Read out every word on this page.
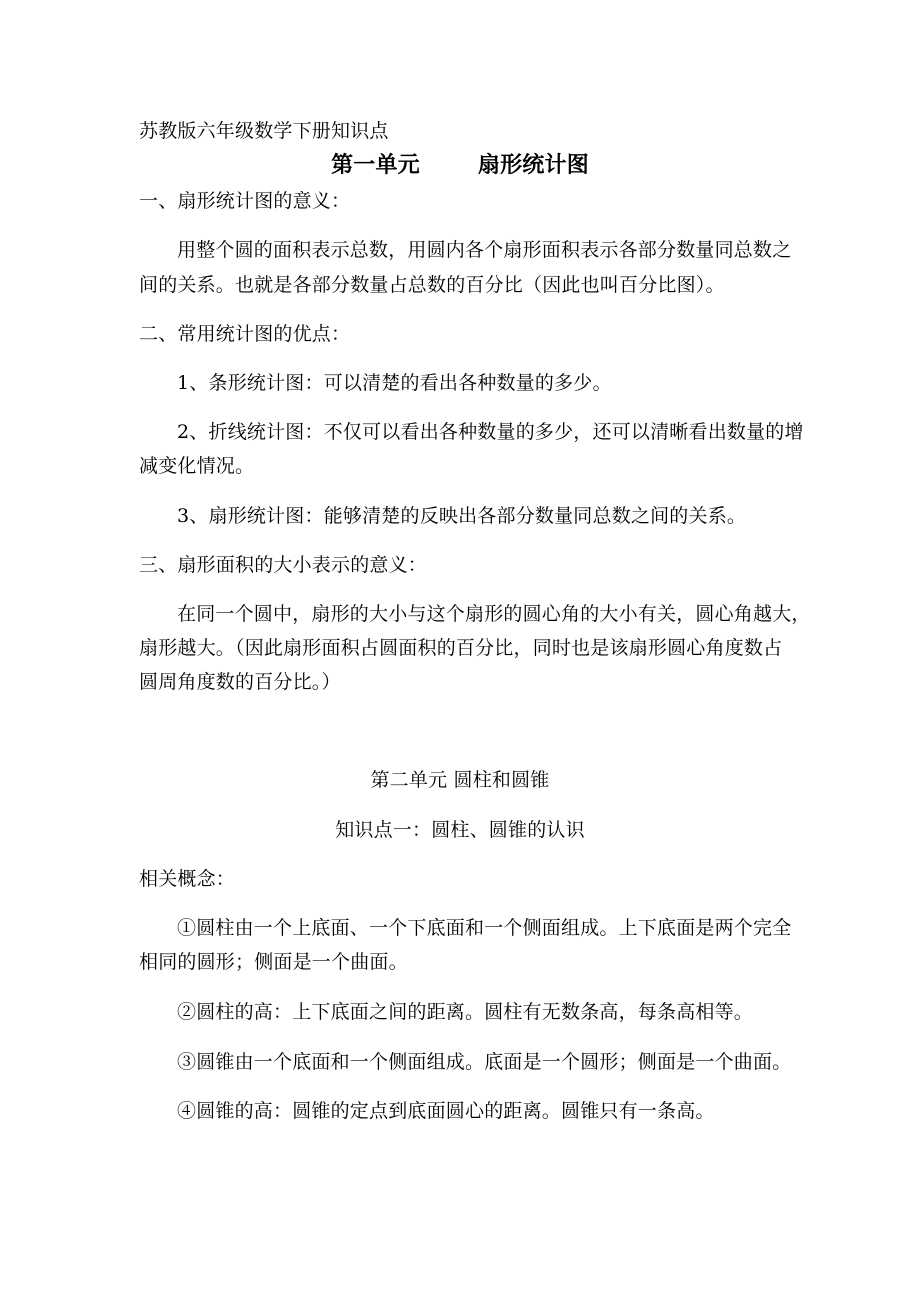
苏教版六年级数学下册知识点
第一单元	扇形统计图
一、扇形统计图的意义：
用整个圆的面积表示总数，用圆内各个扇形面积表示各部分数量同总数之
间的关系。也就是各部分数量占总数的百分比（因此也叫百分比图）。
二、常用统计图的优点：
1、条形统计图：可以清楚的看出各种数量的多少。
2、折线统计图：不仅可以看出各种数量的多少，还可以清晰看出数量的增
减变化情况。
3、扇形统计图：能够清楚的反映出各部分数量同总数之间的关系。
三、扇形面积的大小表示的意义：
在同一个圆中，扇形的大小与这个扇形的圆心角的大小有关，圆心角越大，
扇形越大。（因此扇形面积占圆面积的百分比，同时也是该扇形圆心角度数占
圆周角度数的百分比。）
第二单元 圆柱和圆锥
知识点一：圆柱、圆锥的认识
相关概念：
①圆柱由一个上底面、一个下底面和一个侧面组成。上下底面是两个完全
相同的圆形；侧面是一个曲面。
②圆柱的高：上下底面之间的距离。圆柱有无数条高，每条高相等。
③圆锥由一个底面和一个侧面组成。底面是一个圆形；侧面是一个曲面。
④圆锥的高：圆锥的定点到底面圆心的距离。圆锥只有一条高。
